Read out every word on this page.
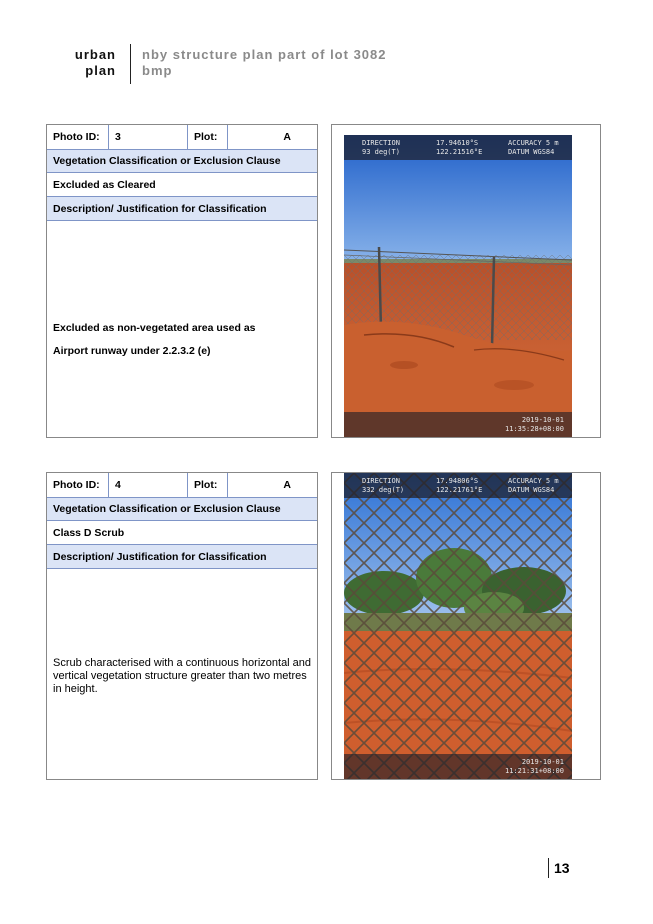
urban
plan
nby structure plan part of lot 3082
bmp
Photo ID:	3	Plot:	A
Vegetation Classification or Exclusion Clause
Excluded as Cleared
Description/ Justification for Classification

Excluded as non-vegetated area used as

Airport runway under 2.2.3.2 (e)

DIRECTION
93 deg(T)
17.94610°S
122.21516°E
ACCURACY 5 m
DATUM WGS84
2019-10-01
11:35:28+08:00
Photo ID:	4	Plot:	A
Vegetation Classification or Exclusion Clause
Class D Scrub
Description/ Justification for Classification
Scrub characterised with a continuous horizontal and vertical vegetation structure greater than two metres in height.
DIRECTION
332 deg(T)
17.94806°S
122.21761°E
ACCURACY 5 m
DATUM WGS84
2019-10-01
11:21:31+08:00
13
